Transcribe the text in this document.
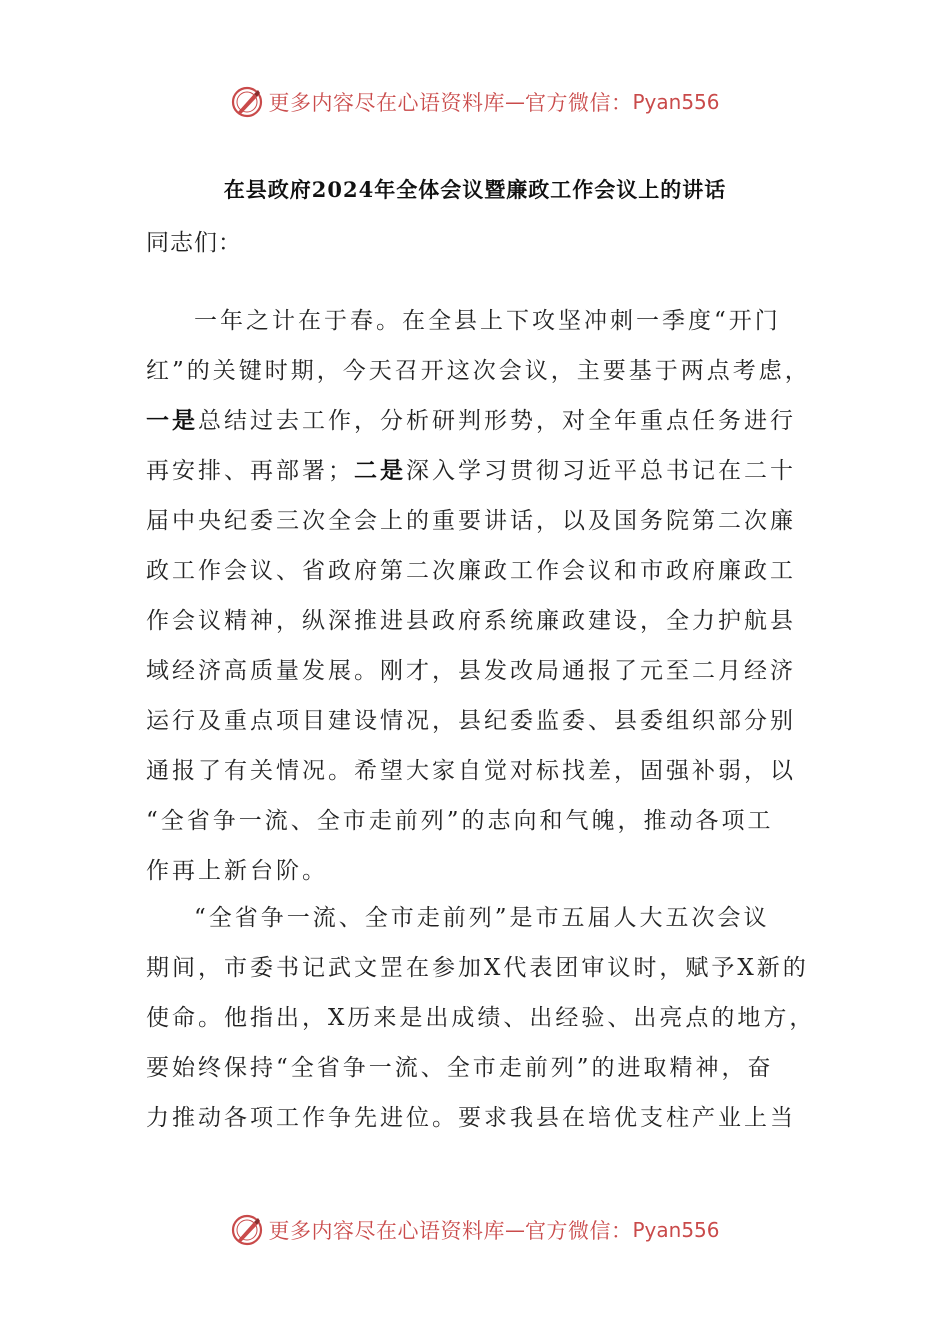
更多内容尽在心语资料库 — 官方微信： Pyan556
在县政府2024年全体会议暨廉政工作会议上的讲话
同志们：
一年之计在于春。在全县上下攻坚冲刺一季度“开门
红”的关键时期，今天召开这次会议，主要基于两点考虑，
一是总结过去工作，分析研判形势，对全年重点任务进行
再安排、再部署；二是深入学习贯彻习近平总书记在二十
届中央纪委三次全会上的重要讲话，以及国务院第二次廉
政工作会议、省政府第二次廉政工作会议和市政府廉政工
作会议精神，纵深推进县政府系统廉政建设，全力护航县
域经济高质量发展。刚才，县发改局通报了元至二月经济
运行及重点项目建设情况，县纪委监委、县委组织部分别
通报了有关情况。希望大家自觉对标找差，固强补弱，以
“全省争一流、全市走前列”的志向和气魄，推动各项工
作再上新台阶。
“全省争一流、全市走前列”是市五届人大五次会议
期间，市委书记武文罡在参加X代表团审议时，赋予X新的
使命。他指出，X历来是出成绩、出经验、出亮点的地方，
要始终保持“全省争一流、全市走前列”的进取精神，奋
力推动各项工作争先进位。要求我县在培优支柱产业上当
更多内容尽在心语资料库 — 官方微信： Pyan556
